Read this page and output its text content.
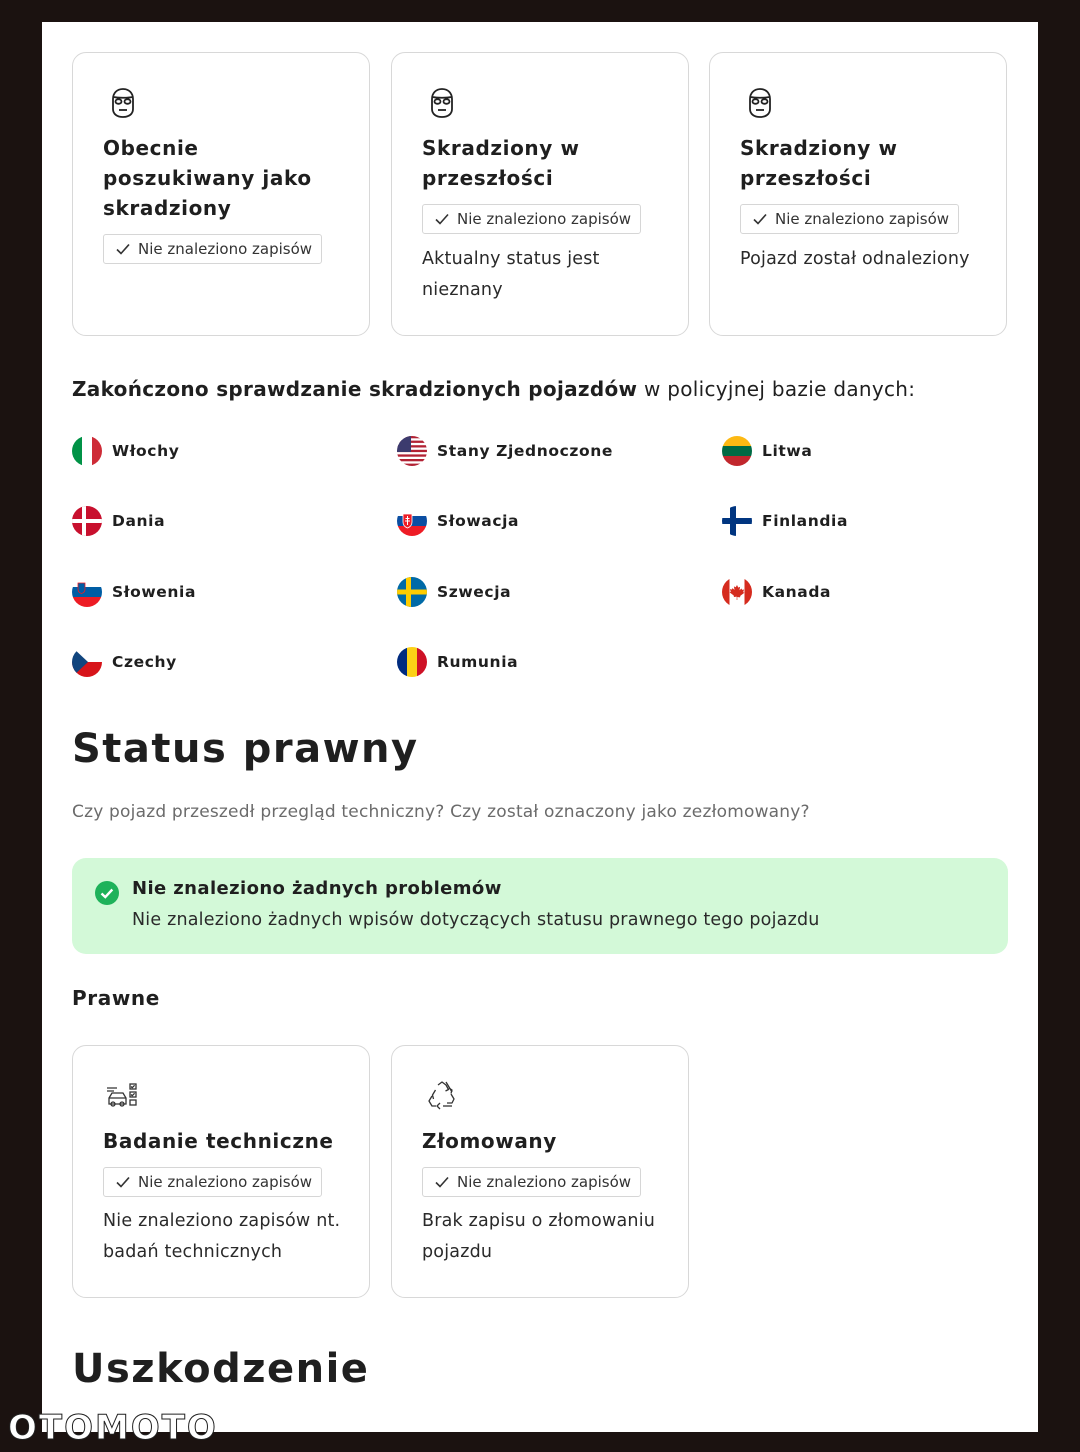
Obecnie poszukiwany jako skradziony
Nie znaleziono zapisów
Skradziony w przeszłości
Nie znaleziono zapisów
Aktualny status jest nieznany
Skradziony w przeszłości
Nie znaleziono zapisów
Pojazd został odnaleziony
Zakończono sprawdzanie skradzionych pojazdów w policyjnej bazie danych:
Włochy	Stany Zjednoczone	Litwa
Dania	Słowacja	Finlandia
Słowenia	Szwecja	Kanada
Czechy	Rumunia
Status prawny
Czy pojazd przeszedł przegląd techniczny? Czy został oznaczony jako zezłomowany?
Nie znaleziono żadnych problemów
Nie znaleziono żadnych wpisów dotyczących statusu prawnego tego pojazdu
Prawne
Badanie techniczne
Nie znaleziono zapisów
Nie znaleziono zapisów nt. badań technicznych
Złomowany
Nie znaleziono zapisów
Brak zapisu o złomowaniu pojazdu
Uszkodzenie
OTOMOTO
